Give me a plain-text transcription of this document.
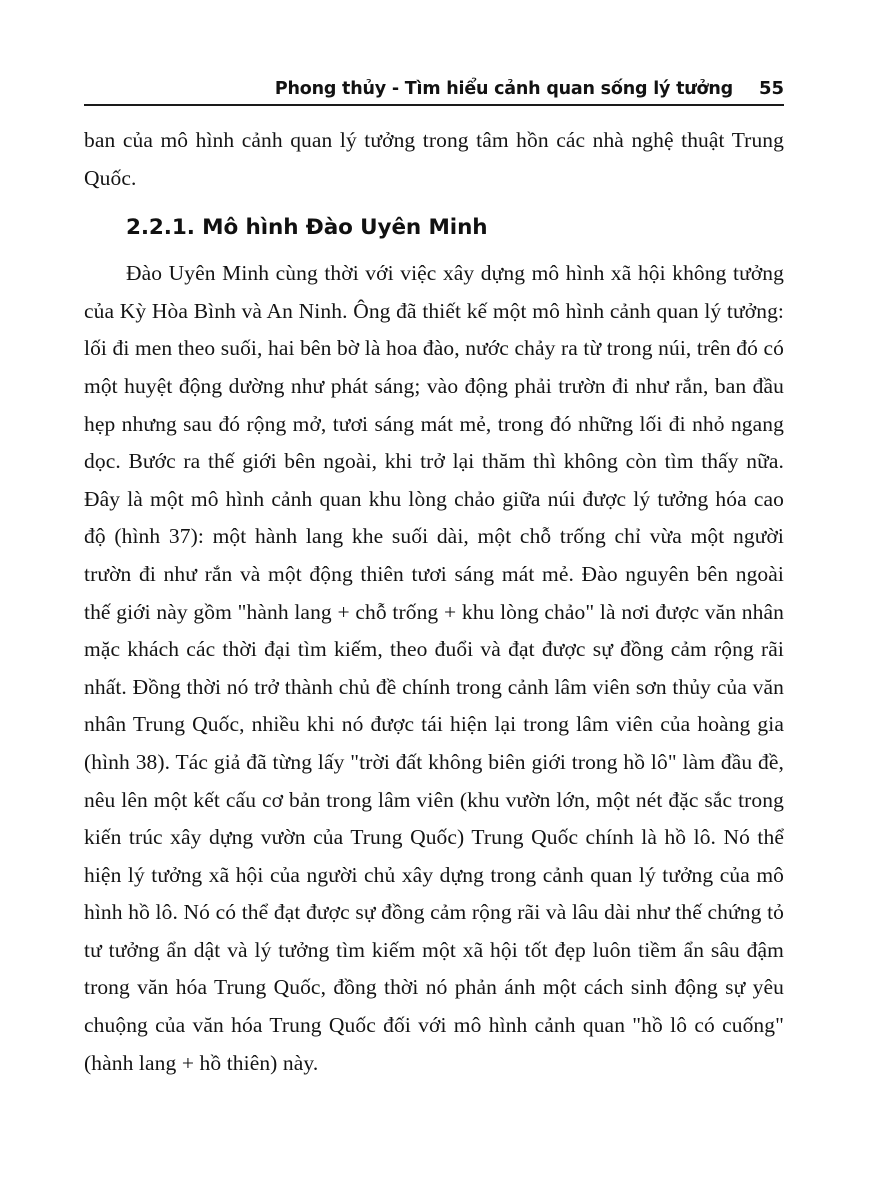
Phong thủy - Tìm hiểu cảnh quan sống lý tưởng 55

ban của mô hình cảnh quan lý tưởng trong tâm hồn các nhà nghệ thuật Trung Quốc.

2.2.1. Mô hình Đào Uyên Minh

Đào Uyên Minh cùng thời với việc xây dựng mô hình xã hội không tưởng của Kỳ Hòa Bình và An Ninh. Ông đã thiết kế một mô hình cảnh quan lý tưởng: lối đi men theo suối, hai bên bờ là hoa đào, nước chảy ra từ trong núi, trên đó có một huyệt động dường như phát sáng; vào động phải trườn đi như rắn, ban đầu hẹp nhưng sau đó rộng mở, tươi sáng mát mẻ, trong đó những lối đi nhỏ ngang dọc. Bước ra thế giới bên ngoài, khi trở lại thăm thì không còn tìm thấy nữa. Đây là một mô hình cảnh quan khu lòng chảo giữa núi được lý tưởng hóa cao độ (hình 37): một hành lang khe suối dài, một chỗ trống chỉ vừa một người trườn đi như rắn và một động thiên tươi sáng mát mẻ. Đào nguyên bên ngoài thế giới này gồm "hành lang + chỗ trống + khu lòng chảo" là nơi được văn nhân mặc khách các thời đại tìm kiếm, theo đuổi và đạt được sự đồng cảm rộng rãi nhất. Đồng thời nó trở thành chủ đề chính trong cảnh lâm viên sơn thủy của văn nhân Trung Quốc, nhiều khi nó được tái hiện lại trong lâm viên của hoàng gia (hình 38). Tác giả đã từng lấy "trời đất không biên giới trong hồ lô" làm đầu đề, nêu lên một kết cấu cơ bản trong lâm viên (khu vườn lớn, một nét đặc sắc trong kiến trúc xây dựng vườn của Trung Quốc) Trung Quốc chính là hồ lô. Nó thể hiện lý tưởng xã hội của người chủ xây dựng trong cảnh quan lý tưởng của mô hình hồ lô. Nó có thể đạt được sự đồng cảm rộng rãi và lâu dài như thế chứng tỏ tư tưởng ẩn dật và lý tưởng tìm kiếm một xã hội tốt đẹp luôn tiềm ẩn sâu đậm trong văn hóa Trung Quốc, đồng thời nó phản ánh một cách sinh động sự yêu chuộng của văn hóa Trung Quốc đối với mô hình cảnh quan "hồ lô có cuống" (hành lang + hồ thiên) này.
